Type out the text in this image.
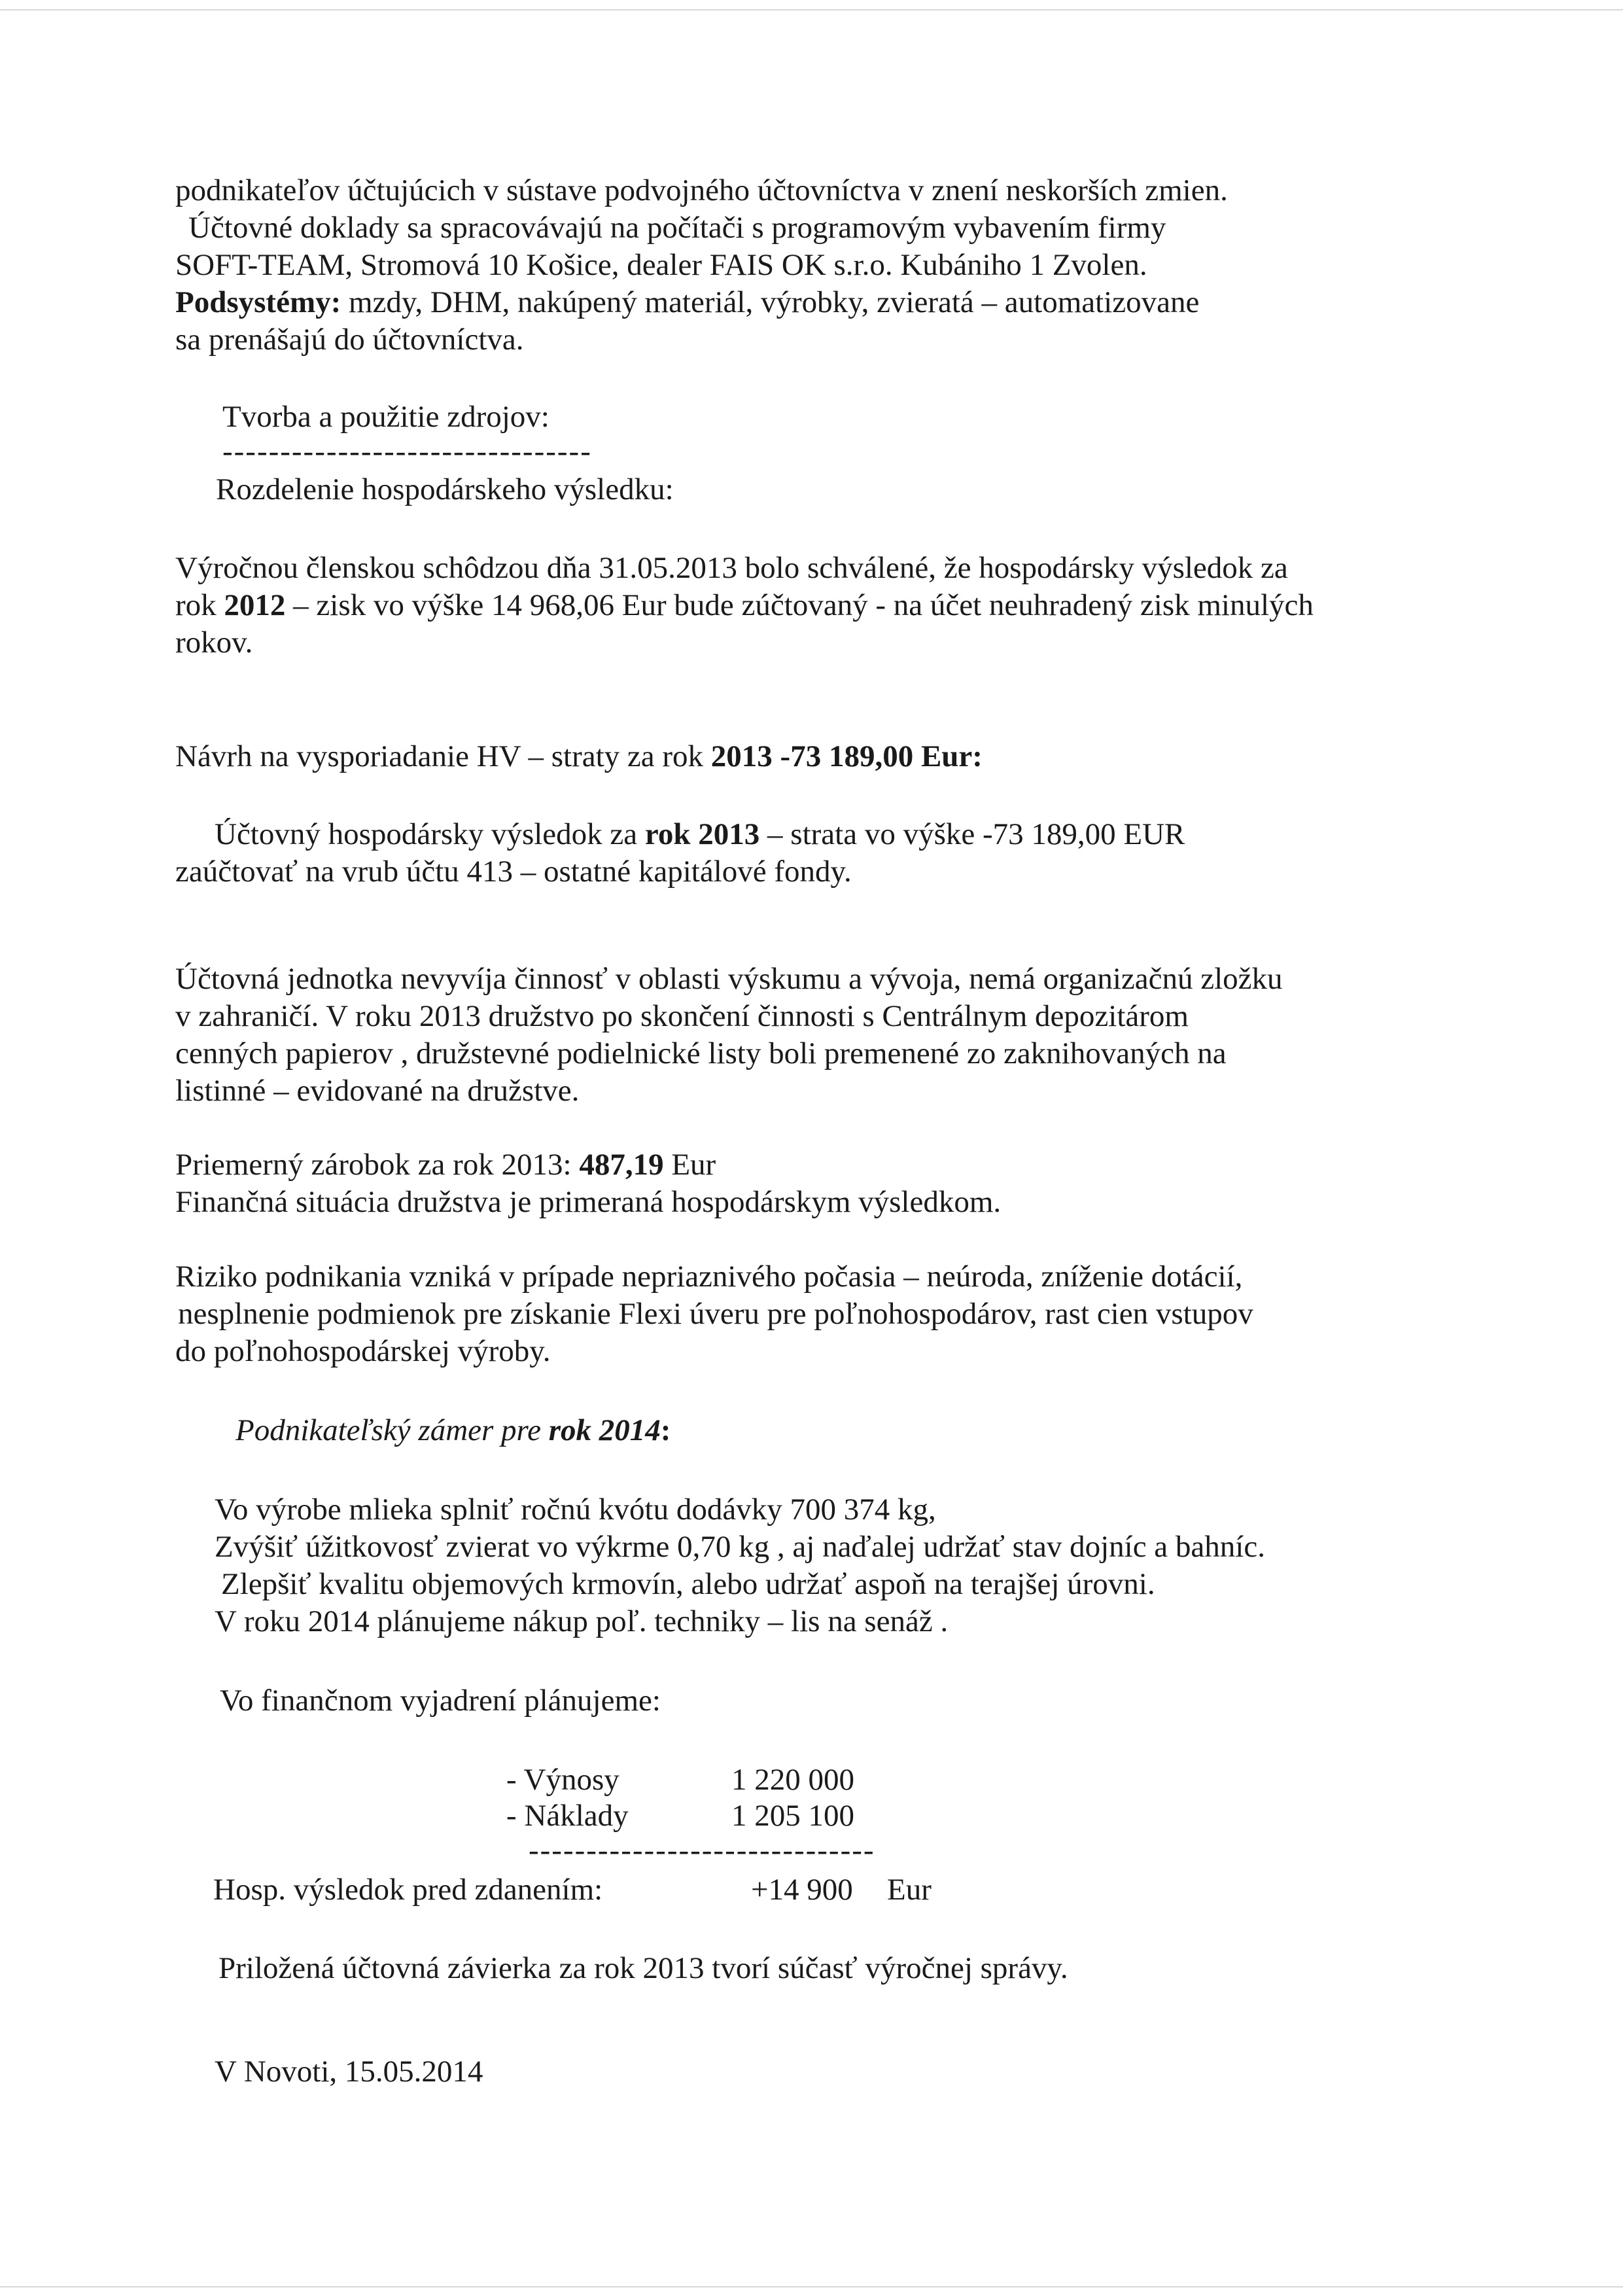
podnikateľov účtujúcich v sústave podvojného účtovníctva v znení neskorších zmien.
Účtovné doklady sa spracovávajú na počítači s programovým vybavením firmy
SOFT-TEAM, Stromová 10 Košice, dealer FAIS OK s.r.o. Kubániho 1 Zvolen.
Podsystémy: mzdy, DHM, nakúpený materiál, výrobky, zvieratá – automatizovane
sa prenášajú do účtovníctva.
Tvorba a použitie zdrojov:
--------------------------------
Rozdelenie hospodárskeho výsledku:
Výročnou členskou schôdzou dňa 31.05.2013 bolo schválené, že hospodársky výsledok za
rok 2012 – zisk vo výške 14 968,06 Eur bude zúčtovaný - na účet neuhradený zisk minulých
rokov.
Návrh na vysporiadanie HV – straty za rok 2013 -73 189,00 Eur:
Účtovný hospodársky výsledok za rok 2013 – strata vo výške -73 189,00 EUR
zaúčtovať na vrub účtu 413 – ostatné kapitálové fondy.
Účtovná jednotka nevyvíja činnosť v oblasti výskumu a vývoja, nemá organizačnú zložku
v zahraničí. V roku 2013 družstvo po skončení činnosti s Centrálnym depozitárom
cenných papierov , družstevné podielnické listy boli premenené zo zaknihovaných na
listinné – evidované na družstve.
Priemerný zárobok za rok 2013: 487,19 Eur
Finančná situácia družstva je primeraná hospodárskym výsledkom.
Riziko podnikania vzniká v prípade nepriaznivého počasia – neúroda, zníženie dotácií,
nesplnenie podmienok pre získanie Flexi úveru pre poľnohospodárov, rast cien vstupov
do poľnohospodárskej výroby.
Podnikateľský zámer pre rok 2014:
Vo výrobe mlieka splniť ročnú kvótu dodávky 700 374 kg,
Zvýšiť úžitkovosť zvierat vo výkrme 0,70 kg , aj naďalej udržať stav dojníc a bahníc.
Zlepšiť kvalitu objemových krmovín, alebo udržať aspoň na terajšej úrovni.
V roku 2014 plánujeme nákup poľ. techniky – lis na senáž .
Vo finančnom vyjadrení plánujeme:
- Výnosy	1 220 000
- Náklady	1 205 100
------------------------------
Hosp. výsledok pred zdanením:	+14 900 Eur
Priložená účtovná závierka za rok 2013 tvorí súčasť výročnej správy.
V Novoti, 15.05.2014
